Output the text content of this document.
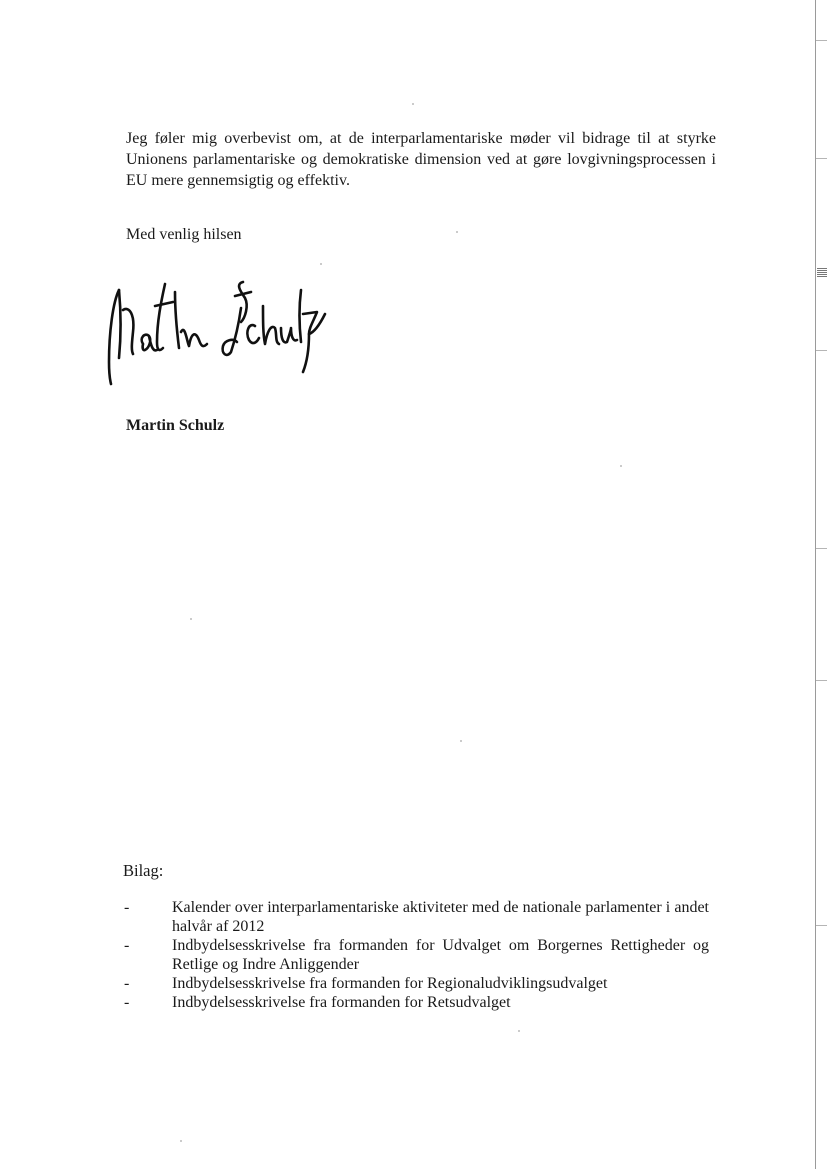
Jeg føler mig overbevist om, at de interparlamentariske møder vil bidrage til at styrke Unionens parlamentariske og demokratiske dimension ved at gøre lovgivningsprocessen i EU mere gennemsigtig og effektiv.

Med venlig hilsen

Martin Schulz

Bilag:

-	Kalender over interparlamentariske aktiviteter med de nationale parlamenter i andet halvår af 2012
-	Indbydelsesskrivelse fra formanden for Udvalget om Borgernes Rettigheder og Retlige og Indre Anliggender
-	Indbydelsesskrivelse fra formanden for Regionaludviklingsudvalget
-	Indbydelsesskrivelse fra formanden for Retsudvalget
